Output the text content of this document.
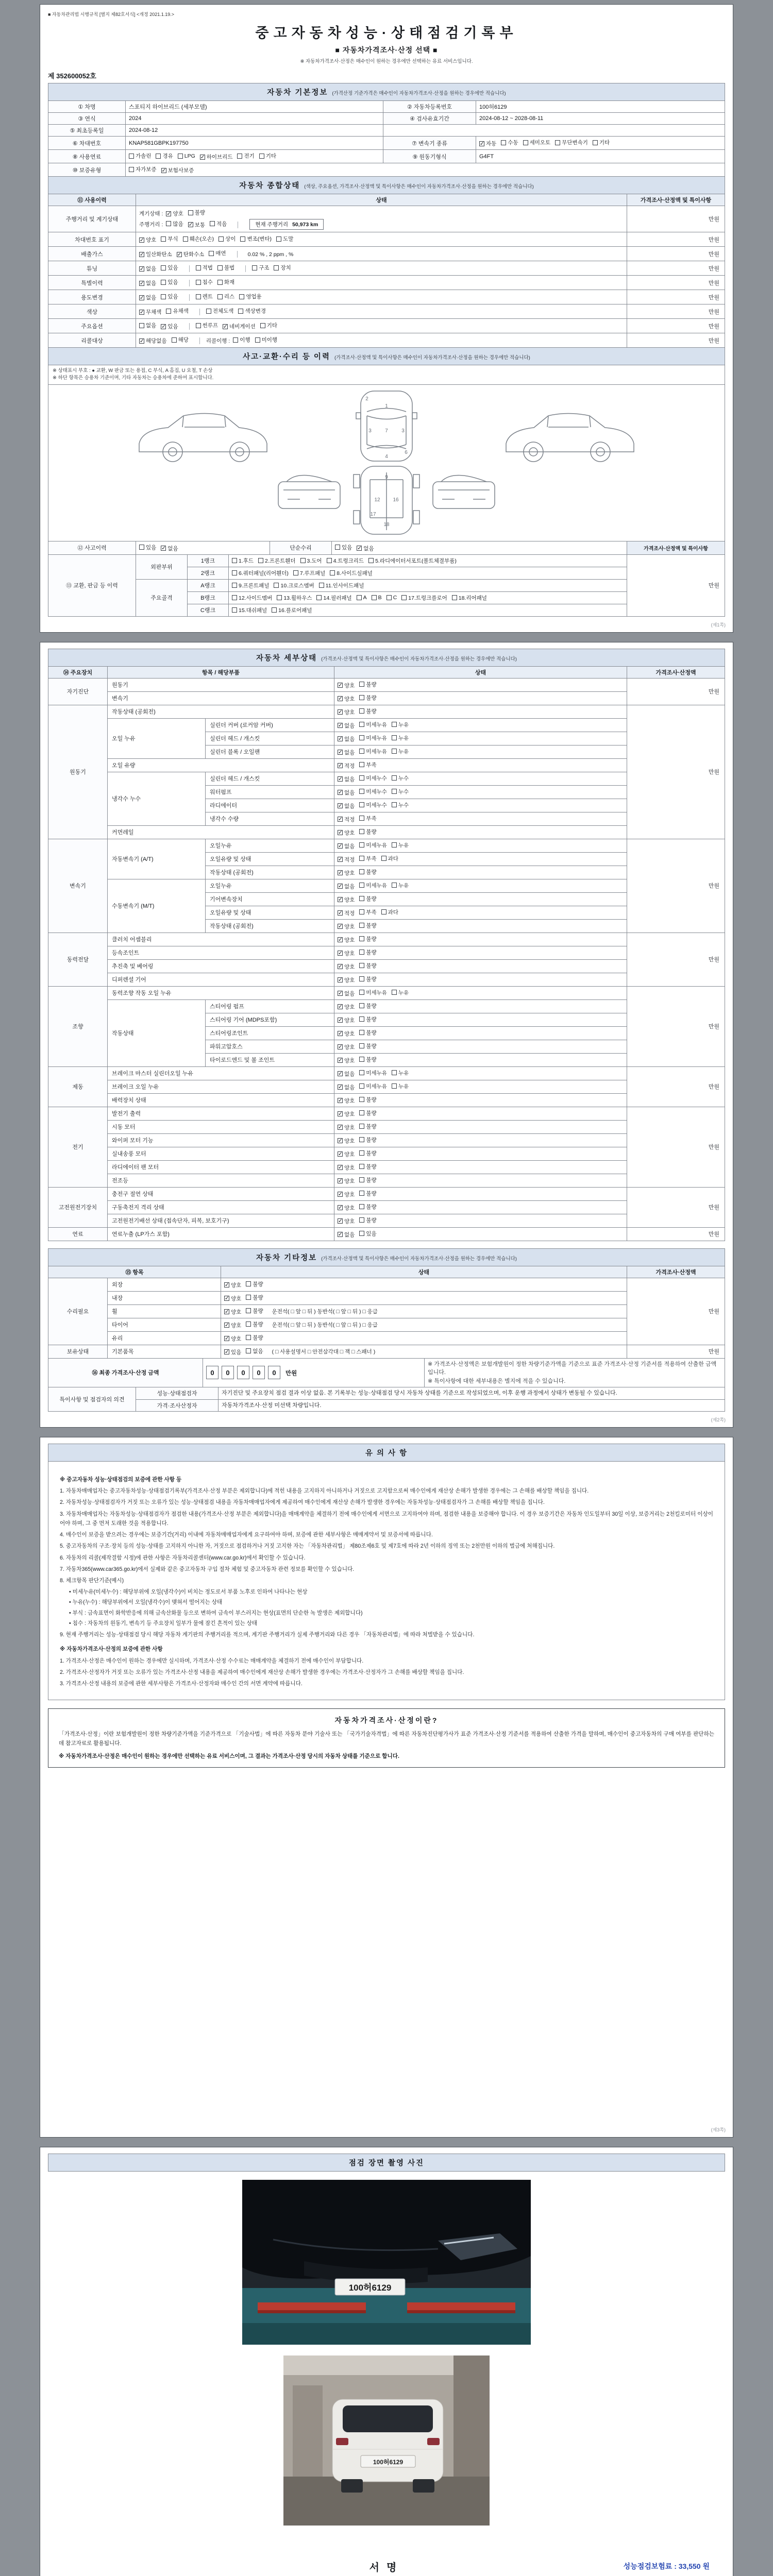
■ 자동차관리법 시행규칙 [별지 제82호서식] <개정 2021.1.19.>
중고자동차성능·상태점검기록부
■ 자동차가격조사·산정 선택 ■
※ 자동차가격조사·산정은 매수인이 원하는 경우에만 선택하는 유료 서비스입니다.
제 352600052호
자동차 기본정보 (가격산정 기준가격은 매수인이 자동차가격조사·산정을 원하는 경우에만 적습니다)			
① 차명	스포티지 하이브리드 (세부모델)	② 자동차등록번호	100허6129
③ 연식	2024	④ 검사유효기간	2024-08-12 ~ 2028-08-11
⑤ 최초등록일	2024-08-12		
⑥ 차대번호	KNAP581GBPK197750	⑦ 변속기 종류	✓ 자동 수동 세미오토 무단변속기 기타

⑧ 사용연료	가솔린 경유 LPG ✓ 하이브리드 전기 기타	⑨ 원동기형식	G4FT
⑩ 보증유형	자가보증 ✓ 보험사보증		
자동차 종합상태 (색상, 주요옵션, 가격조사·산정액 및 특이사항은 매수인이 자동차가격조사·산정을 원하는 경우에만 적습니다)		
⑪ 사용이력	상태	가격조사·산정액 및 특이사항
주행거리 및 계기상태	
계기상태 : ✓ 양호 불량
주행거리 : 많음 ✓ 보통 적음	현재 주행거리 50,973 km
	만원
차대번호 표기	✓ 양호 부식 훼손(오손) 상이 변조(변타) 도말	만원
배출가스	✓ 일산화탄소 ✓ 탄화수소 매연	0.02 % , 2 ppm , %	만원
튜닝	✓ 없음 있음	적법 불법	구조 장치	만원
특별이력	✓ 없음 있음 침수 화재	만원
용도변경	✓ 없음 있음	렌트 리스 영업용	만원
색상	✓ 무채색 유채색 전체도색 색상변경	만원
주요옵션	없음 ✓ 있음	썬루프 ✓ 네비게이션 기타	만원
리콜대상	✓ 해당없음 해당	리콜이행 : 이행 미이행	만원
사고·교환·수리 등 이력 (가격조사·산정액 및 특이사항은 매수인이 자동차가격조사·산정을 원하는 경우에만 적습니다)
※ 상태표시 부호 : ● 교환, W 판금 또는 용접, C 부식, A 흠집, U 요철, T 손상
※ 하단 항목은 승용차 기준이며, 기타 자동차는 승용차에 준하여 표시합니다.
1
7
4
3	3
2
6
9
12 16
17
18
⑫ 사고이력	있음 ✓ 없음	단순수리	있음 ✓ 없음	가격조사·산정액 및 특이사항
⑬ 교환, 판금 등 이력	외판부위	1랭크	1.후드 2.프론트휀더 3.도어 4.트렁크리드 5.라디에이터서포트(볼트체결부품)	만원
		2랭크	6.쿼터패널(리어휀더) 7.루프패널 8.사이드실패널	

	주요골격	A랭크	9.프론트패널 10.크로스멤버 11.인사이드패널	

B랭크	12.사이드멤버 13.휠하우스 14.필러패널 A B C 17.트렁크플로어 18.리어패널

		C랭크	15.대쉬패널 16.플로어패널	
(제1쪽)
자동차 세부상태 (가격조사·산정액 및 특이사항은 매수인이 자동차가격조사·산정을 원하는 경우에만 적습니다)				
⑭ 주요장치	항목 / 해당부품		상태	가격조사·산정액
자기진단	원동기		✓ 양호 불량	만원
	변속기		✓ 양호 불량	

원동기	작동상태 (공회전)		✓ 양호 불량	만원
	오일 누유	실린더 커버 (로커암 커버)	✓ 없음 미세누유 누유	

		실린더 헤드 / 개스킷	✓ 없음 미세누유 누유	

		실린더 블록 / 오일팬	✓ 없음 미세누유 누유	

	오일 유량		✓ 적정 부족	

	냉각수 누수	실린더 헤드 / 개스킷	✓ 없음 미세누수 누수	

		워터펌프	✓ 없음 미세누수 누수	

		라디에이터	✓ 없음 미세누수 누수	

		냉각수 수량	✓ 적정 부족	

	커먼레일		✓ 양호 불량	

변속기	자동변속기 (A/T)	오일누유	✓ 없음 미세누유 누유	만원
		오일유량 및 상태	✓ 적정 부족 과다	

		작동상태 (공회전)	✓ 양호 불량	

	수동변속기 (M/T)	오일누유	✓ 없음 미세누유 누유	

		기어변속장치	✓ 양호 불량	

		오일유량 및 상태	✓ 적정 부족 과다	

		작동상태 (공회전)	✓ 양호 불량	

동력전달	클러치 어셈블리		✓ 양호 불량	만원
	등속조인트		✓ 양호 불량	

	추진축 및 베어링		✓ 양호 불량	

	디퍼렌셜 기어		✓ 양호 불량	

조향	동력조향 작동 오일 누유		✓ 없음 미세누유 누유	만원
	작동상태	스티어링 펌프	✓ 양호 불량	

		스티어링 기어 (MDPS포함)	✓ 양호 불량	

		스티어링조인트	✓ 양호 불량	

		파워고압호스	✓ 양호 불량	

		타이로드엔드 및 볼 조인트	✓ 양호 불량	

제동	브레이크 마스터 실린더오일 누유		✓ 없음 미세누유 누유	만원
	브레이크 오일 누유		✓ 없음 미세누유 누유	

	배력장치 상태		✓ 양호 불량	

전기	발전기 출력		✓ 양호 불량	만원
	시동 모터		✓ 양호 불량	

	와이퍼 모터 기능		✓ 양호 불량	

	실내송풍 모터		✓ 양호 불량	

	라디에이터 팬 모터		✓ 양호 불량	

	전조등		✓ 양호 불량	

고전원전기장치	충전구 절연 상태		✓ 양호 불량	만원
	구동축전지 격리 상태		✓ 양호 불량	

	고전원전기배선 상태 (접속단자, 피복, 보호기구)		✓ 양호 불량	

연료	연료누출 (LP가스 포함)		✓ 없음 있음	만원
자동차 기타정보 (가격조사·산정액 및 특이사항은 매수인이 자동차가격조사·산정을 원하는 경우에만 적습니다)			
⑮ 항목		상태	가격조사·산정액
수리필요	외장	✓ 양호 불량	만원
	내장	✓ 양호 불량	

	휠	✓ 양호 불량 운전석( □ 앞 □ 뒤 ) 동반석( □ 앞 □ 뒤 ) □ 응급	
	타이어	✓ 양호 불량 운전석( □ 앞 □ 뒤 ) 동반석( □ 앞 □ 뒤 ) □ 응급	
	유리	✓ 양호 불량	

보유상태	기본품목	✓ 있음 없음 ( □ 사용설명서 □ 안전삼각대 □ 잭 □ 스패너 )	만원
⑯ 최종 가격조사·산정 금액	0 0 0 0 0 만원	
※ 가격조사·산정액은 보험개발원이 정한 차량기준가액을 기준으로 표준 가격조사·산정 기준서를 적용하여 산출한 금액입니다.
※ 특이사항에 대한 세부내용은 별지에 적을 수 있습니다.
특이사항 및 점검자의 의견	성능·상태점검자	자기진단 및 주요장치 점검 결과 이상 없음. 본 기록부는 성능·상태점검 당시 자동차 상태를 기준으로 작성되었으며, 이후 운행 과정에서 상태가 변동될 수 있습니다.
	가격·조사산정자	자동차가격조사·산정 미선택 차량입니다.
(제2쪽)
유 의 사 항
※ 중고자동차 성능·상태점검의 보증에 관한 사항 등
1. 자동차매매업자는 중고자동차성능·상태점검기록부(가격조사·산정 부분은 제외합니다)에 적힌 내용을 고지하지 아니하거나 거짓으로 고지함으로써 매수인에게 재산상 손해가 발생한 경우에는 그 손해를 배상할 책임을 집니다.
2. 자동차성능·상태점검자가 거짓 또는 오류가 있는 성능·상태점검 내용을 자동차매매업자에게 제공하여 매수인에게 재산상 손해가 발생한 경우에는 자동차성능·상태점검자가 그 손해를 배상할 책임을 집니다.
3. 자동차매매업자는 자동차성능·상태점검자가 점검한 내용(가격조사·산정 부분은 제외합니다)을 매매계약을 체결하기 전에 매수인에게 서면으로 고지하여야 하며, 점검한 내용을 보증해야 합니다. 이 경우 보증기간은 자동차 인도일부터 30일 이상, 보증거리는 2천킬로미터 이상이어야 하며, 그 중 먼저 도래한 것을 적용합니다.
4. 매수인이 보증을 받으려는 경우에는 보증기간(거리) 이내에 자동차매매업자에게 요구하여야 하며, 보증에 관한 세부사항은 매매계약서 및 보증서에 따릅니다.
5. 중고자동차의 구조·장치 등의 성능·상태를 고지하지 아니한 자, 거짓으로 점검하거나 거짓 고지한 자는 「자동차관리법」 제80조제6호 및 제7호에 따라 2년 이하의 징역 또는 2천만원 이하의 벌금에 처해집니다.
6. 자동차의 리콜(제작결함 시정)에 관한 사항은 자동차리콜센터(www.car.go.kr)에서 확인할 수 있습니다.
7. 자동차365(www.car365.go.kr)에서 실제와 같은 중고자동차 구입 절차 체험 및 중고자동차 관련 정보를 확인할 수 있습니다.
8. 체크항목 판단기준(예시)
• 미세누유(미세누수) : 해당부위에 오일(냉각수)이 비치는 정도로서 부품 노후로 인하여 나타나는 현상
• 누유(누수) : 해당부위에서 오일(냉각수)이 맺혀서 떨어지는 상태
• 부식 : 금속표면이 화학반응에 의해 금속산화물 등으로 변하여 금속이 부스러지는 현상(표면의 단순한 녹 발생은 제외합니다)
• 침수 : 자동차의 원동기, 변속기 등 주요장치 일부가 물에 잠긴 흔적이 있는 상태
9. 현재 주행거리는 성능·상태점검 당시 해당 자동차 계기판의 주행거리를 적으며, 계기판 주행거리가 실제 주행거리와 다른 경우 「자동차관리법」에 따라 처벌받을 수 있습니다.
※ 자동차가격조사·산정의 보증에 관한 사항
1. 가격조사·산정은 매수인이 원하는 경우에만 실시하며, 가격조사·산정 수수료는 매매계약을 체결하기 전에 매수인이 부담합니다.
2. 가격조사·산정자가 거짓 또는 오류가 있는 가격조사·산정 내용을 제공하여 매수인에게 재산상 손해가 발생한 경우에는 가격조사·산정자가 그 손해를 배상할 책임을 집니다.
3. 가격조사·산정 내용의 보증에 관한 세부사항은 가격조사·산정자와 매수인 간의 서면 계약에 따릅니다.
자동차가격조사·산정이란?
「가격조사·산정」이란 보험개발원이 정한 차량기준가액을 기준가격으로 「기술사법」에 따른 자동차 분야 기술사 또는 「국가기술자격법」에 따른 자동차진단평가사가 표준 가격조사·산정 기준서를 적용하여 산출한 가격을 말하며, 매수인이 중고자동차의 구매 여부를 판단하는 데 참고자료로 활용됩니다.
※ 자동차가격조사·산정은 매수인이 원하는 경우에만 선택하는 유료 서비스이며, 그 결과는 가격조사·산정 당시의 자동차 상태를 기준으로 합니다.
(제3쪽)
점검 장면 촬영 사진
100허6129
100허6129
서명	성능점검보험료 : 33,550 원
